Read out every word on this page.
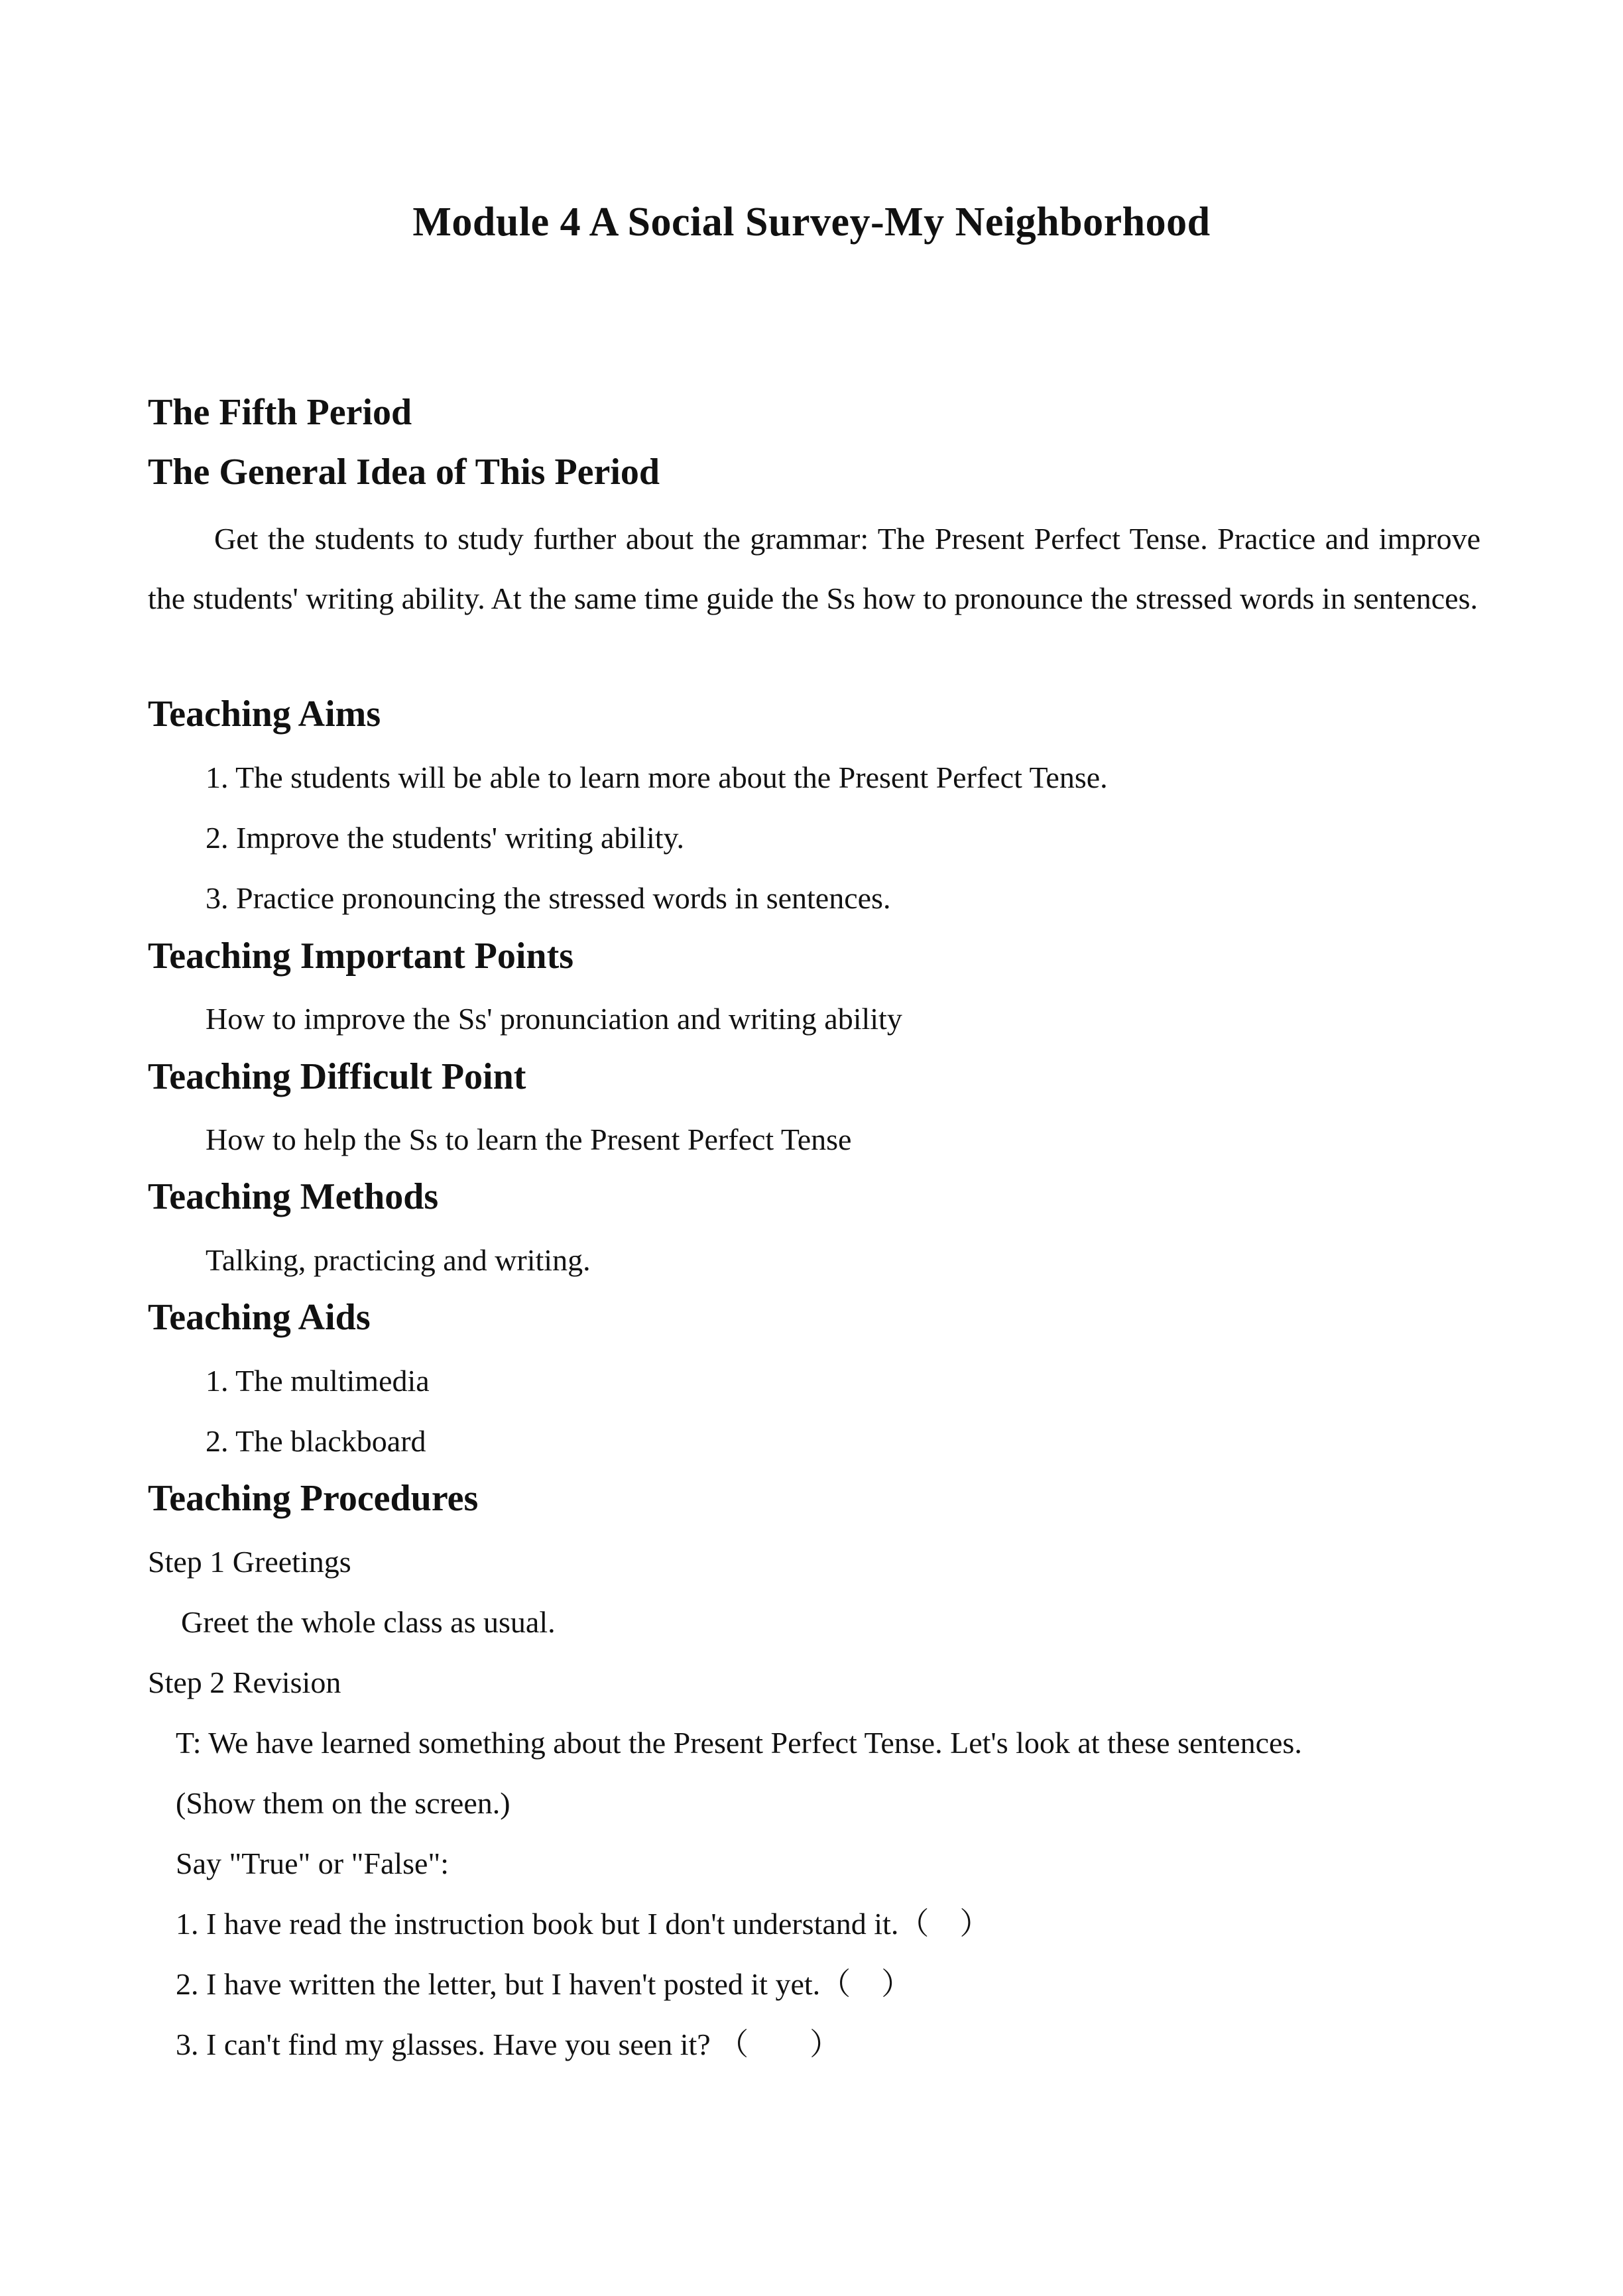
Module 4 A Social Survey-My Neighborhood
The Fifth Period
The General Idea of This Period
Get the students to study further about the grammar: The Present Perfect Tense. Practice and improve the students' writing ability. At the same time guide the Ss how to pronounce the stressed words in sentences.
Teaching Aims
1. The students will be able to learn more about the Present Perfect Tense.
2. Improve the students' writing ability.
3. Practice pronouncing the stressed words in sentences.
Teaching Important Points
How to improve the Ss' pronunciation and writing ability
Teaching Difficult Point
How to help the Ss to learn the Present Perfect Tense
Teaching Methods
Talking, practicing and writing.
Teaching Aids
1. The multimedia
2. The blackboard
Teaching Procedures
Step 1 Greetings
Greet the whole class as usual.
Step 2 Revision
T: We have learned something about the Present Perfect Tense. Let's look at these sentences.
(Show them on the screen.)
Say "True" or "False":
1. I have read the instruction book but I don't understand it.（　）
2. I have written the letter, but I haven't posted it yet.（　）
3. I can't find my glasses. Have you seen it? （　　）
